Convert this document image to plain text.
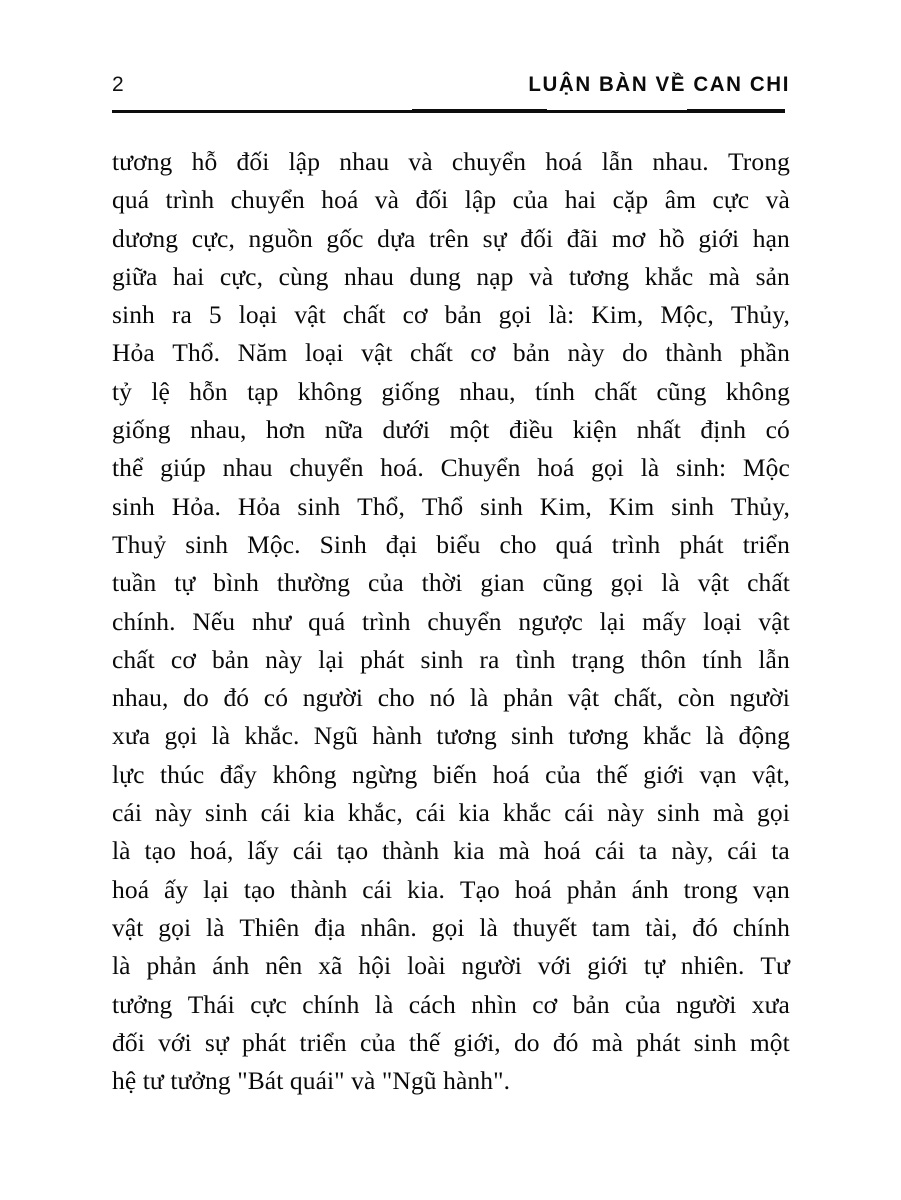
2	LUẬN BÀN VỀ CAN CHI
tương hỗ đối lập nhau và chuyển hoá lẫn nhau. Trong
quá trình chuyển hoá và đối lập của hai cặp âm cực và
dương cực, nguồn gốc dựa trên sự đối đãi mơ hồ giới hạn
giữa hai cực, cùng nhau dung nạp và tương khắc mà sản
sinh ra 5 loại vật chất cơ bản gọi là: Kim, Mộc, Thủy,
Hỏa Thổ. Năm loại vật chất cơ bản này do thành phần
tỷ lệ hỗn tạp không giống nhau, tính chất cũng không
giống nhau, hơn nữa dưới một điều kiện nhất định có
thể giúp nhau chuyển hoá. Chuyển hoá gọi là sinh: Mộc
sinh Hỏa. Hỏa sinh Thổ, Thổ sinh Kim, Kim sinh Thủy,
Thuỷ sinh Mộc. Sinh đại biểu cho quá trình phát triển
tuần tự bình thường của thời gian cũng gọi là vật chất
chính. Nếu như quá trình chuyển ngược lại mấy loại vật
chất cơ bản này lại phát sinh ra tình trạng thôn tính lẫn
nhau, do đó có người cho nó là phản vật chất, còn người
xưa gọi là khắc. Ngũ hành tương sinh tương khắc là động
lực thúc đẩy không ngừng biến hoá của thế giới vạn vật,
cái này sinh cái kia khắc, cái kia khắc cái này sinh mà gọi
là tạo hoá, lấy cái tạo thành kia mà hoá cái ta này, cái ta
hoá ấy lại tạo thành cái kia. Tạo hoá phản ánh trong vạn
vật gọi là Thiên địa nhân. gọi là thuyết tam tài, đó chính
là phản ánh nên xã hội loài người với giới tự nhiên. Tư
tưởng Thái cực chính là cách nhìn cơ bản của người xưa
đối với sự phát triển của thế giới, do đó mà phát sinh một
hệ tư tưởng "Bát quái" và "Ngũ hành".
